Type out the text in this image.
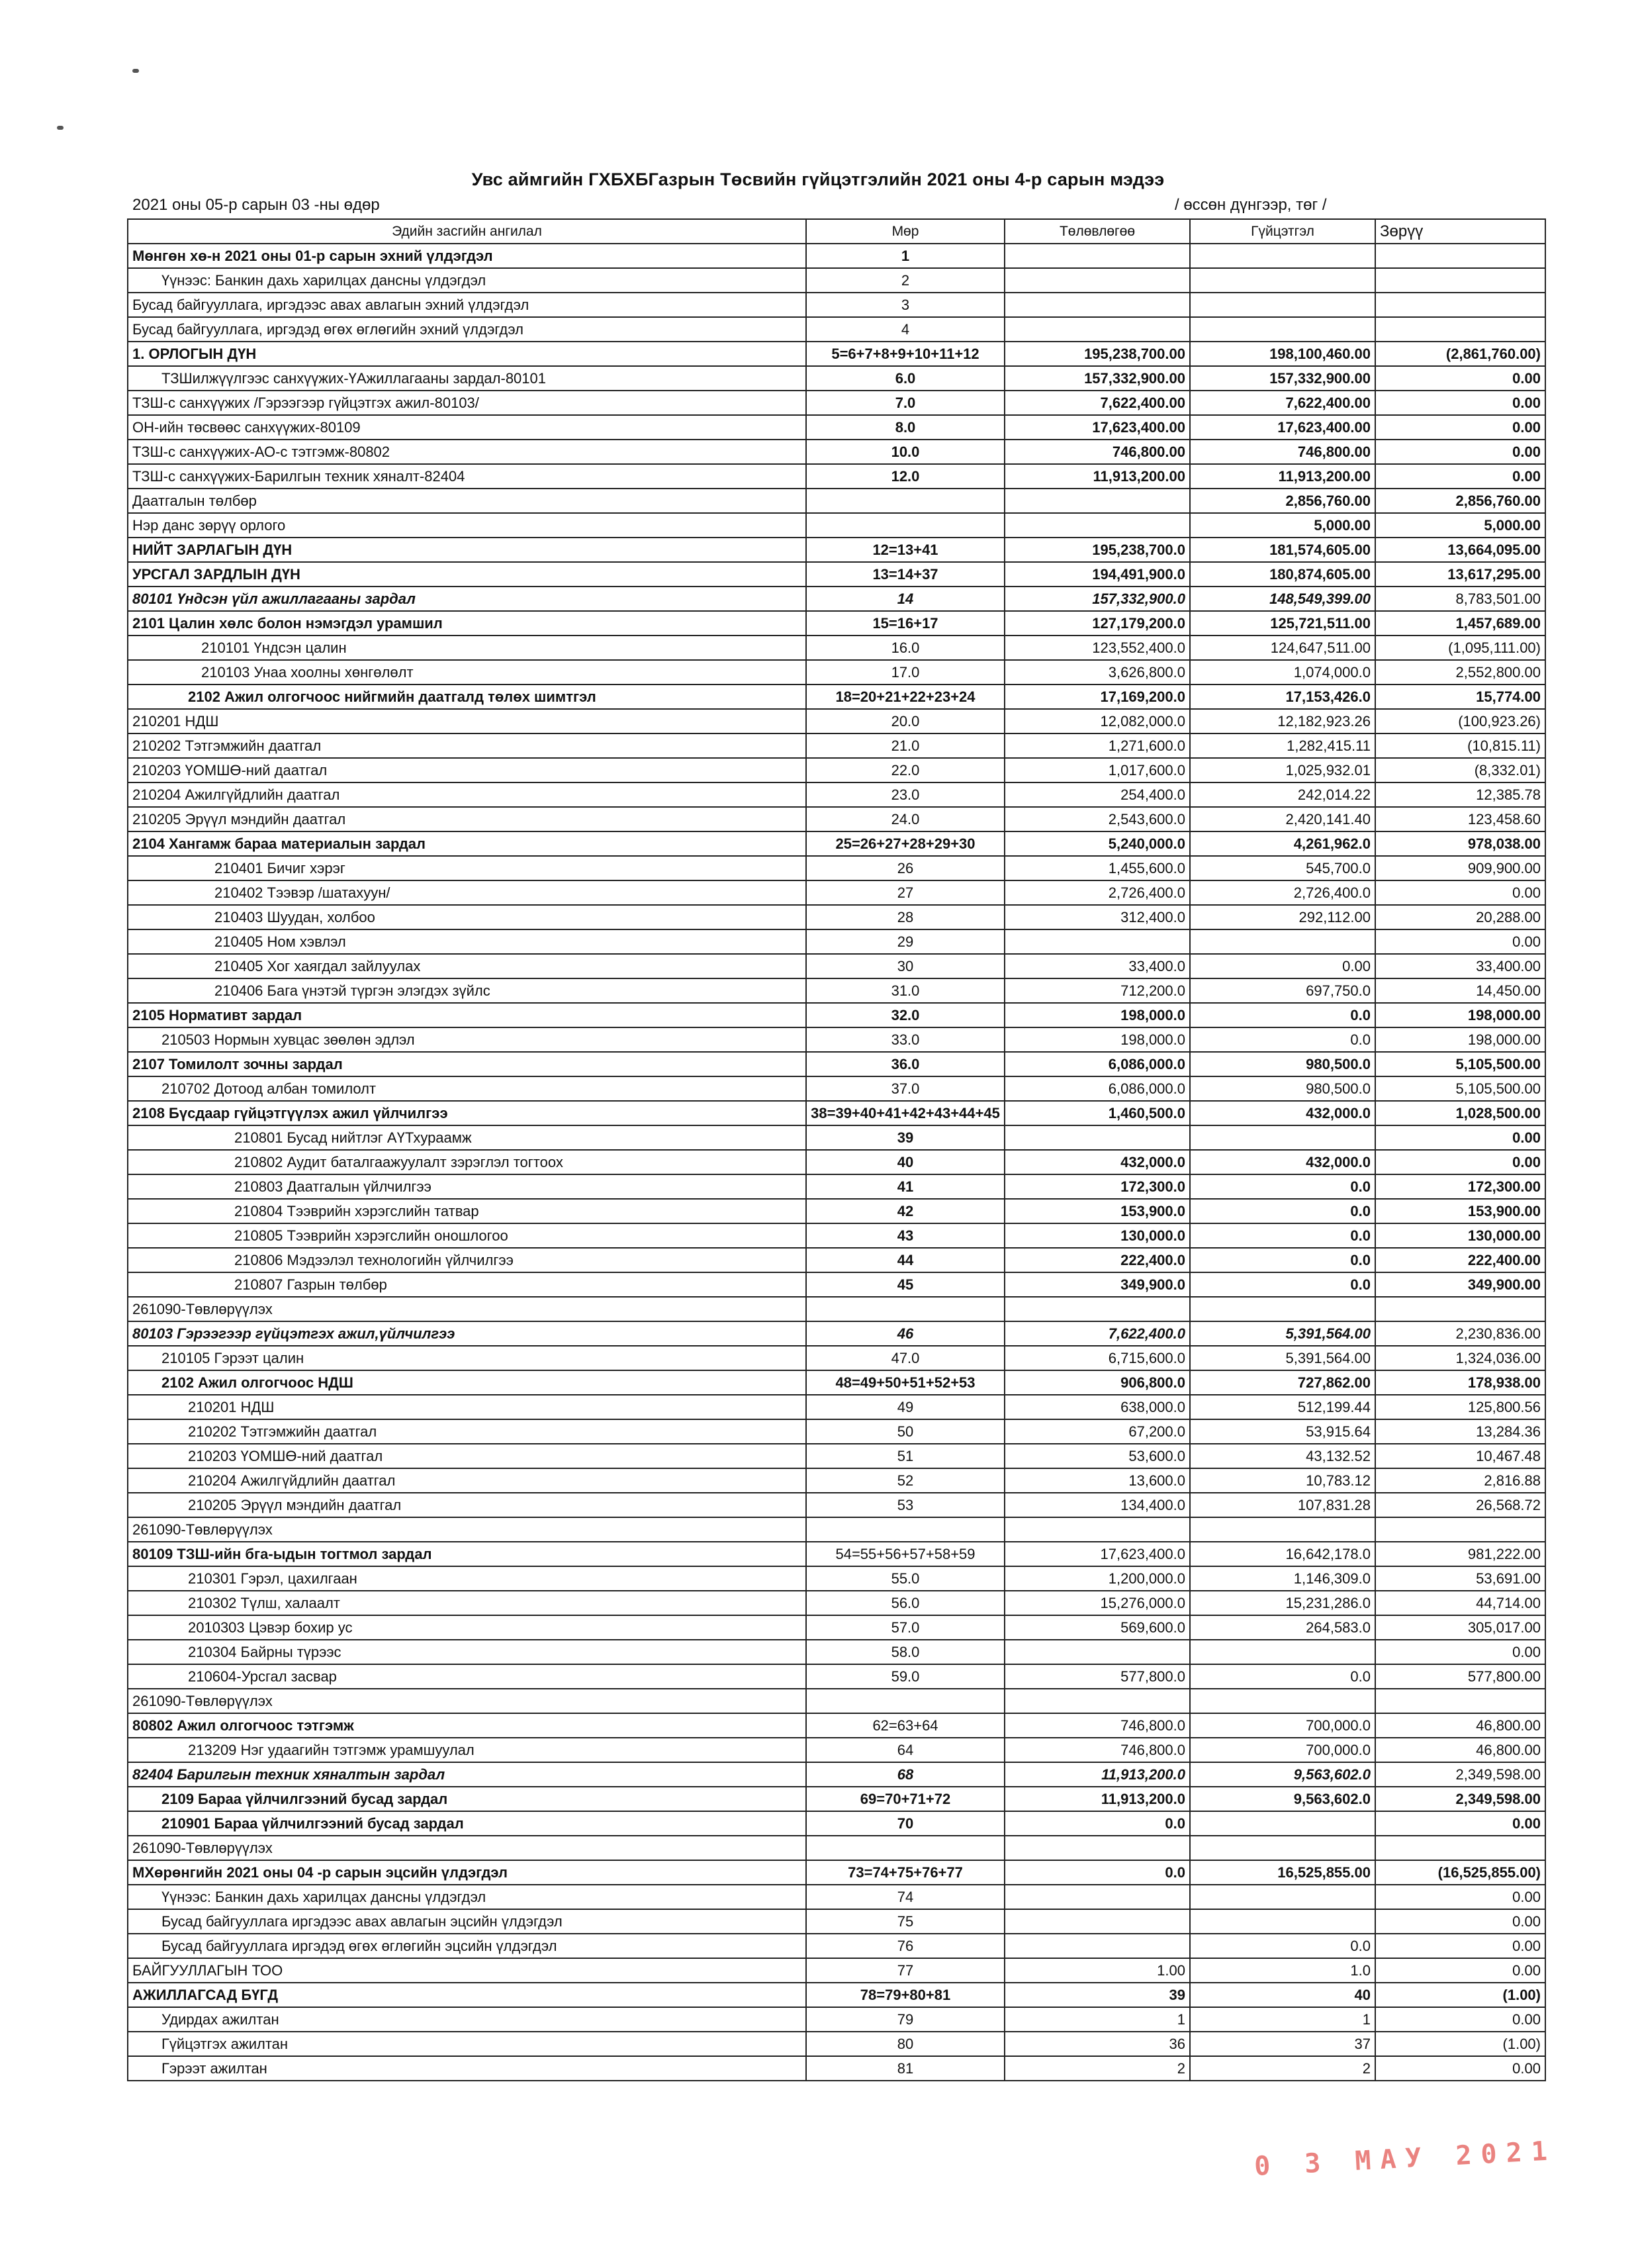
Увс аймгийн ГХБХБГазрын Төсвийн гүйцэтгэлийн 2021 оны 4-р сарын мэдээ
2021 оны 05-р сарын 03 -ны өдөр	/ өссөн дүнгээр, төг /
Эдийн засгийн ангилал	Мөр	Төлөвлөгөө	Гүйцэтгэл	Зөрүү
Мөнгөн хө-н 2021 оны 01-р сарын эхний үлдэгдэл	1			
Үүнээс: Банкин дахь харилцах дансны үлдэгдэл	2			
Бусад байгууллага, иргэдээс авах авлагын эхний үлдэгдэл	3			
Бусад байгууллага, иргэдэд өгөх өглөгийн эхний үлдэгдэл	4			
1. ОРЛОГЫН ДҮН	5=6+7+8+9+10+11+12	195,238,700.00	198,100,460.00	(2,861,760.00)
ТЗШилжүүлгээс санхүүжих-ҮАжиллагааны зардал-80101	6.0	157,332,900.00	157,332,900.00	0.00
ТЗШ-с санхүүжих /Гэрээгээр гүйцэтгэх ажил-80103/	7.0	7,622,400.00	7,622,400.00	0.00
ОН-ийн төсвөөс санхүүжих-80109	8.0	17,623,400.00	17,623,400.00	0.00
ТЗШ-с санхүүжих-АО-с тэтгэмж-80802	10.0	746,800.00	746,800.00	0.00
ТЗШ-с санхүүжих-Барилгын техник хяналт-82404	12.0	11,913,200.00	11,913,200.00	0.00
Даатгалын төлбөр			2,856,760.00	2,856,760.00
Нэр данс зөрүү орлого			5,000.00	5,000.00
НИЙТ ЗАРЛАГЫН ДҮН	12=13+41	195,238,700.0	181,574,605.00	13,664,095.00
УРСГАЛ ЗАРДЛЫН ДҮН	13=14+37	194,491,900.0	180,874,605.00	13,617,295.00
80101 Үндсэн үйл ажиллагааны зардал	14	157,332,900.0	148,549,399.00	8,783,501.00
2101 Цалин хөлс болон нэмэгдэл урамшил	15=16+17	127,179,200.0	125,721,511.00	1,457,689.00
210101 Үндсэн цалин	16.0	123,552,400.0	124,647,511.00	(1,095,111.00)
210103 Унаа хоолны хөнгөлөлт	17.0	3,626,800.0	1,074,000.0	2,552,800.00
2102 Ажил олгогчоос нийгмийн даатгалд төлөх шимтгэл	18=20+21+22+23+24	17,169,200.0	17,153,426.0	15,774.00
210201 НДШ	20.0	12,082,000.0	12,182,923.26	(100,923.26)
210202 Тэтгэмжийн даатгал	21.0	1,271,600.0	1,282,415.11	(10,815.11)
210203 ҮОМШӨ-ний даатгал	22.0	1,017,600.0	1,025,932.01	(8,332.01)
210204 Ажилгүйдлийн даатгал	23.0	254,400.0	242,014.22	12,385.78
210205 Эрүүл мэндийн даатгал	24.0	2,543,600.0	2,420,141.40	123,458.60
2104 Хангамж бараа материалын зардал	25=26+27+28+29+30	5,240,000.0	4,261,962.0	978,038.00
210401 Бичиг хэрэг	26	1,455,600.0	545,700.0	909,900.00
210402 Тээвэр /шатахуун/	27	2,726,400.0	2,726,400.0	0.00
210403 Шуудан, холбоо	28	312,400.0	292,112.00	20,288.00
210405 Ном хэвлэл	29			0.00
210405 Хог хаягдал зайлуулах	30	33,400.0	0.00	33,400.00
210406 Бага үнэтэй түргэн элэгдэх зүйлс	31.0	712,200.0	697,750.0	14,450.00
2105 Нормативт зардал	32.0	198,000.0	0.0	198,000.00
210503 Нормын хувцас зөөлөн эдлэл	33.0	198,000.0	0.0	198,000.00
2107 Томилолт зочны зардал	36.0	6,086,000.0	980,500.0	5,105,500.00
210702 Дотоод албан томилолт	37.0	6,086,000.0	980,500.0	5,105,500.00
2108 Бүсдаар гүйцэтгүүлэх ажил үйлчилгээ	38=39+40+41+42+43+44+45	1,460,500.0	432,000.0	1,028,500.00
210801 Бусад нийтлэг АҮТхураамж	39			0.00
210802 Аудит баталгаажуулалт зэрэглэл тогтоох	40	432,000.0	432,000.0	0.00
210803 Даатгалын үйлчилгээ	41	172,300.0	0.0	172,300.00
210804 Тээврийн хэрэгслийн татвар	42	153,900.0	0.0	153,900.00
210805 Тээврийн хэрэгслийн оношлогоо	43	130,000.0	0.0	130,000.00
210806 Мэдээлэл технологийн үйлчилгээ	44	222,400.0	0.0	222,400.00
210807 Газрын төлбөр	45	349,900.0	0.0	349,900.00
261090-Төвлөрүүлэх				
80103 Гэрээгээр гүйцэтгэх ажил,үйлчилгээ	46	7,622,400.0	5,391,564.00	2,230,836.00
210105 Гэрээт цалин	47.0	6,715,600.0	5,391,564.00	1,324,036.00
2102 Ажил олгогчоос НДШ	48=49+50+51+52+53	906,800.0	727,862.00	178,938.00
210201 НДШ	49	638,000.0	512,199.44	125,800.56
210202 Тэтгэмжийн даатгал	50	67,200.0	53,915.64	13,284.36
210203 ҮОМШӨ-ний даатгал	51	53,600.0	43,132.52	10,467.48
210204 Ажилгүйдлийн даатгал	52	13,600.0	10,783.12	2,816.88
210205 Эрүүл мэндийн даатгал	53	134,400.0	107,831.28	26,568.72
261090-Төвлөрүүлэх				
80109 ТЗШ-ийн бга-ыдын тогтмол зардал	54=55+56+57+58+59	17,623,400.0	16,642,178.0	981,222.00
210301 Гэрэл, цахилгаан	55.0	1,200,000.0	1,146,309.0	53,691.00
210302 Түлш, халаалт	56.0	15,276,000.0	15,231,286.0	44,714.00
2010303 Цэвэр бохир ус	57.0	569,600.0	264,583.0	305,017.00
210304 Байрны түрээс	58.0			0.00
210604-Урсгал засвар	59.0	577,800.0	0.0	577,800.00
261090-Төвлөрүүлэх				
80802 Ажил олгогчоос тэтгэмж	62=63+64	746,800.0	700,000.0	46,800.00
213209 Нэг удаагийн тэтгэмж урамшуулал	64	746,800.0	700,000.0	46,800.00
82404 Барилгын техник хяналтын зардал	68	11,913,200.0	9,563,602.0	2,349,598.00
2109 Бараа үйлчилгээний бусад зардал	69=70+71+72	11,913,200.0	9,563,602.0	2,349,598.00
210901 Бараа үйлчилгээний бусад зардал	70	0.0		0.00
261090-Төвлөрүүлэх				
МХөрөнгийн 2021 оны 04 -р сарын эцсийн үлдэгдэл	73=74+75+76+77	0.0	16,525,855.00	(16,525,855.00)
Үүнээс: Банкин дахь харилцах дансны үлдэгдэл	74			0.00
Бусад байгууллага иргэдээс авах авлагын эцсийн үлдэгдэл	75			0.00
Бусад байгууллага иргэдэд өгөх өглөгийн эцсийн үлдэгдэл	76		0.0	0.00
БАЙГУУЛЛАГЫН ТОО	77	1.00	1.0	0.00
АЖИЛЛАГСАД БҮГД	78=79+80+81	39	40	(1.00)
Удирдах ажилтан	79	1	1	0.00
Гүйцэтгэх ажилтан	80	36	37	(1.00)
Гэрээт ажилтан	81	2	2	0.00
0 3 МАУ 2021
